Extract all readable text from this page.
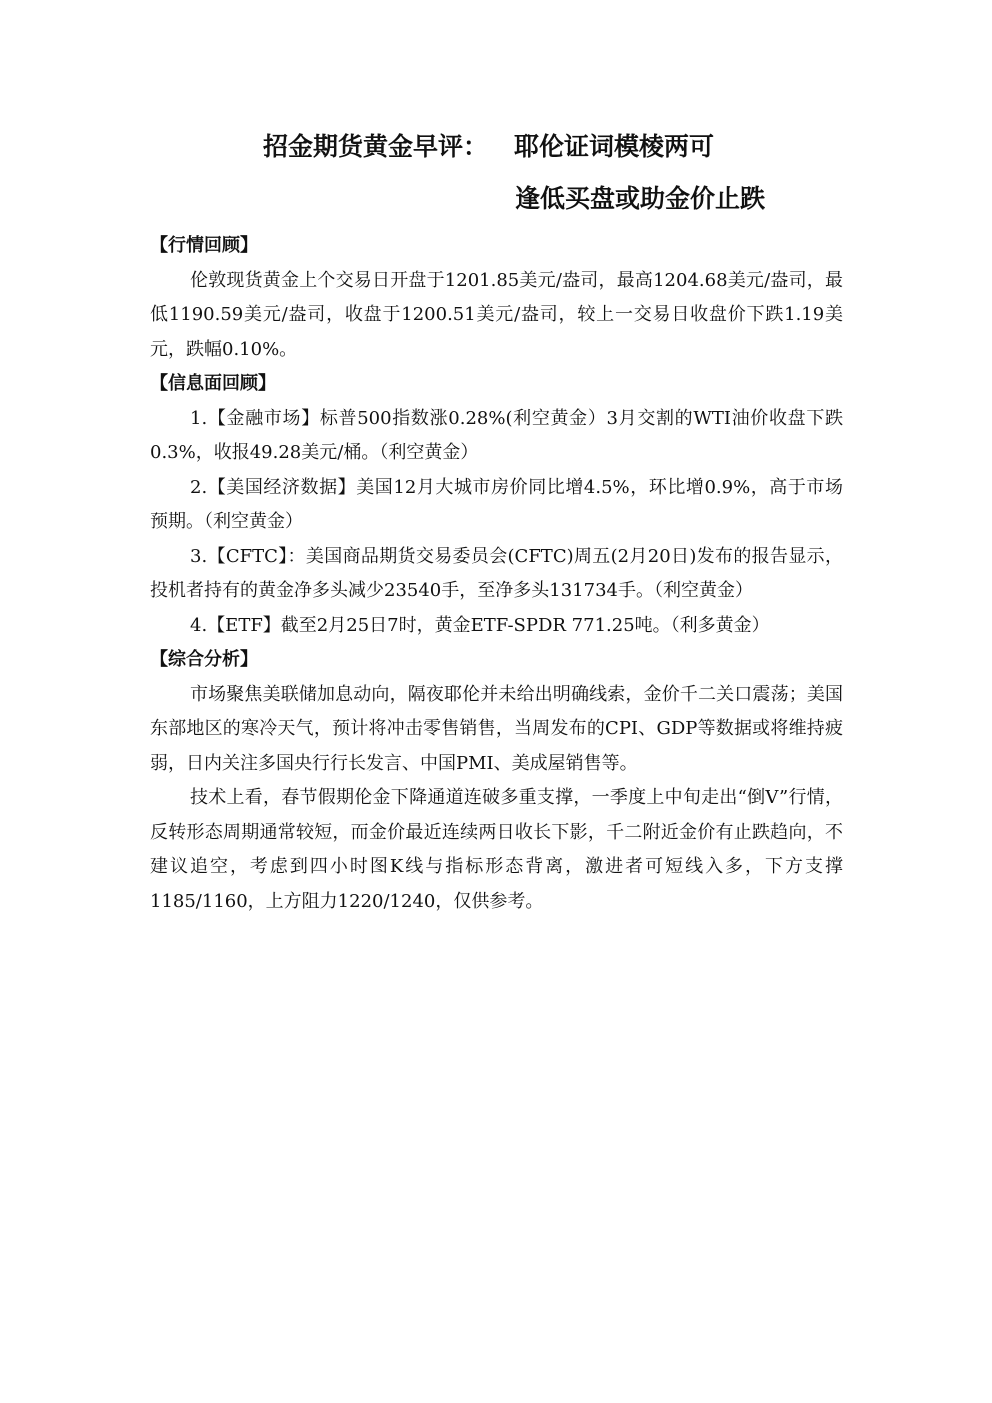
招金期货黄金早评： 耶伦证词模棱两可
逢低买盘或助金价止跌

【行情回顾】

伦敦现货黄金上个交易日开盘于1201.85美元/盎司，最高1204.68美元/盎司，最低1190.59美元/盎司，收盘于1200.51美元/盎司，较上一交易日收盘价下跌1.19美元，跌幅0.10%。

【信息面回顾】

1.【金融市场】标普500指数涨0.28%(利空黄金）3月交割的WTI油价收盘下跌0.3%，收报49.28美元/桶。（利空黄金）

2.【美国经济数据】美国12月大城市房价同比增4.5%，环比增0.9%，高于市场预期。（利空黄金）

3.【CFTC】：美国商品期货交易委员会(CFTC)周五(2月20日)发布的报告显示，投机者持有的黄金净多头减少23540手，至净多头131734手。（利空黄金）

4.【ETF】截至2月25日7时，黄金ETF-SPDR 771.25吨。（利多黄金）

【综合分析】

市场聚焦美联储加息动向，隔夜耶伦并未给出明确线索，金价千二关口震荡；美国东部地区的寒冷天气，预计将冲击零售销售，当周发布的CPI、GDP等数据或将维持疲弱，日内关注多国央行行长发言、中国PMI、美成屋销售等。

技术上看，春节假期伦金下降通道连破多重支撑，一季度上中旬走出“倒V”行情，反转形态周期通常较短，而金价最近连续两日收长下影，千二附近金价有止跌趋向，不建议追空，考虑到四小时图K线与指标形态背离，激进者可短线入多，下方支撑1185/1160，上方阻力1220/1240，仅供参考。
